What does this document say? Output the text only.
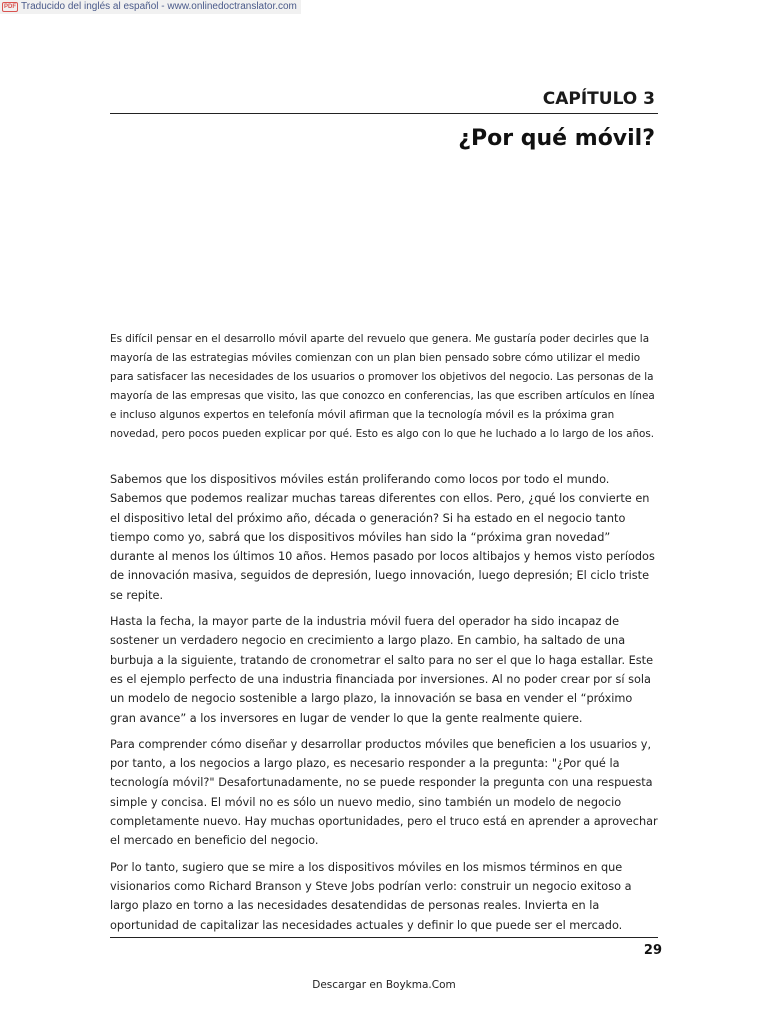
PDF Traducido del inglés al español - www.onlinedoctranslator.com
CAPÍTULO 3
¿Por qué móvil?

Es difícil pensar en el desarrollo móvil aparte del revuelo que genera. Me gustaría poder decirles que la mayoría de las estrategias móviles comienzan con un plan bien pensado sobre cómo utilizar el medio para satisfacer las necesidades de los usuarios o promover los objetivos del negocio. Las personas de la mayoría de las empresas que visito, las que conozco en conferencias, las que escriben artículos en línea e incluso algunos expertos en telefonía móvil afirman que la tecnología móvil es la próxima gran novedad, pero pocos pueden explicar por qué. Esto es algo con lo que he luchado a lo largo de los años.

Sabemos que los dispositivos móviles están proliferando como locos por todo el mundo. Sabemos que podemos realizar muchas tareas diferentes con ellos. Pero, ¿qué los convierte en el dispositivo letal del próximo año, década o generación? Si ha estado en el negocio tanto tiempo como yo, sabrá que los dispositivos móviles han sido la “próxima gran novedad” durante al menos los últimos 10 años. Hemos pasado por locos altibajos y hemos visto períodos de innovación masiva, seguidos de depresión, luego innovación, luego depresión; El ciclo triste se repite.

Hasta la fecha, la mayor parte de la industria móvil fuera del operador ha sido incapaz de sostener un verdadero negocio en crecimiento a largo plazo. En cambio, ha saltado de una burbuja a la siguiente, tratando de cronometrar el salto para no ser el que lo haga estallar. Este es el ejemplo perfecto de una industria financiada por inversiones. Al no poder crear por sí sola un modelo de negocio sostenible a largo plazo, la innovación se basa en vender el “próximo gran avance” a los inversores en lugar de vender lo que la gente realmente quiere.

Para comprender cómo diseñar y desarrollar productos móviles que beneficien a los usuarios y, por tanto, a los negocios a largo plazo, es necesario responder a la pregunta: "¿Por qué la tecnología móvil?" Desafortunadamente, no se puede responder la pregunta con una respuesta simple y concisa. El móvil no es sólo un nuevo medio, sino también un modelo de negocio completamente nuevo. Hay muchas oportunidades, pero el truco está en aprender a aprovechar el mercado en beneficio del negocio.

Por lo tanto, sugiero que se mire a los dispositivos móviles en los mismos términos en que visionarios como Richard Branson y Steve Jobs podrían verlo: construir un negocio exitoso a largo plazo en torno a las necesidades desatendidas de personas reales. Invierta en la oportunidad de capitalizar las necesidades actuales y definir lo que puede ser el mercado.

29
Descargar en Boykma.Com
